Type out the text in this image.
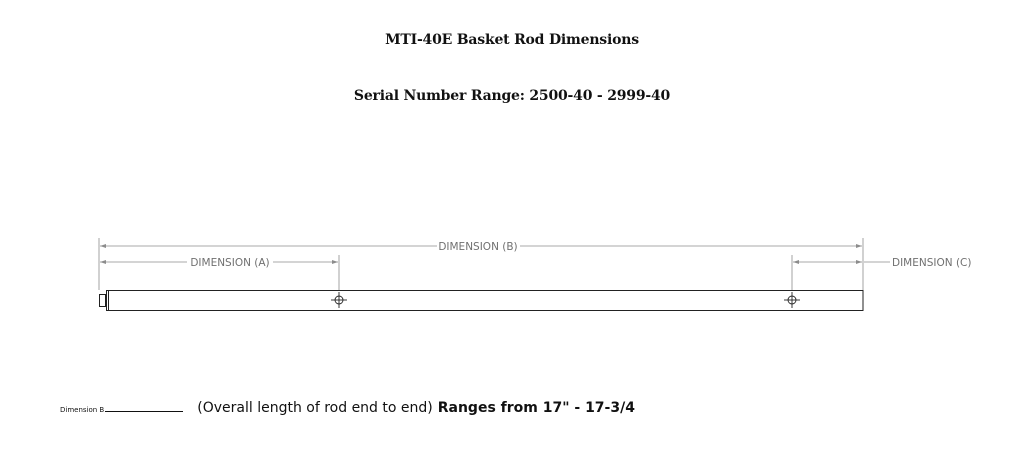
MTI-40E Basket Rod Dimensions
Serial Number Range: 2500-40 - 2999-40
DIMENSION (B)
DIMENSION (A)	DIMENSION (C)
Dimension B	(Overall length of rod end to end) Ranges from 17" - 17-3/4
